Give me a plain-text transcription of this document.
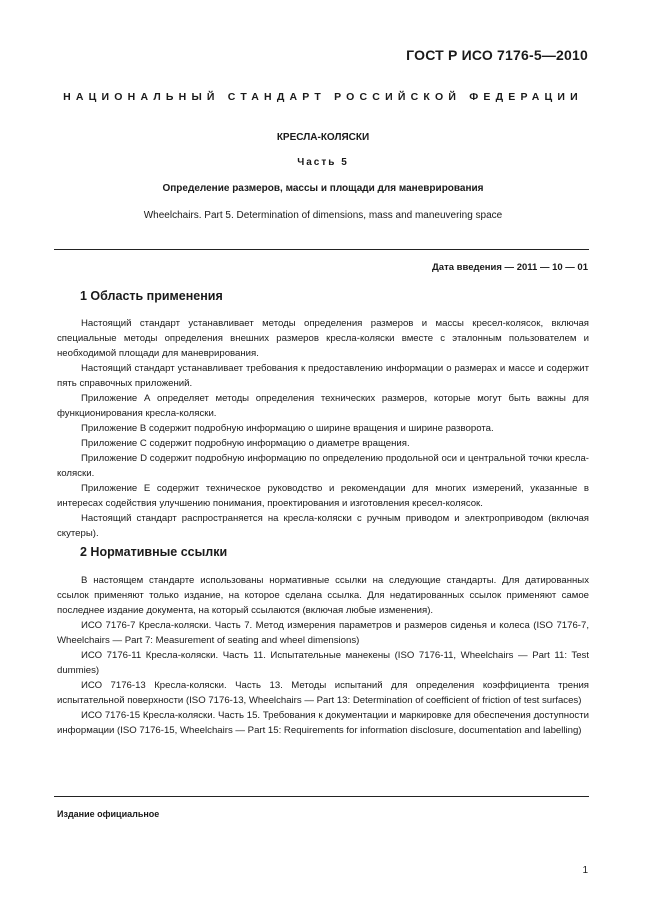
ГОСТ Р ИСО 7176-5—2010
НАЦИОНАЛЬНЫЙ СТАНДАРТ РОССИЙСКОЙ ФЕДЕРАЦИИ
КРЕСЛА-КОЛЯСКИ
Часть 5
Определение размеров, массы и площади для маневрирования
Wheelchairs. Part 5. Determination of dimensions, mass and maneuvering space
Дата введения — 2011 — 10 — 01
1 Область применения

Настоящий стандарт устанавливает методы определения размеров и массы кресел-колясок, включая специальные методы определения внешних размеров кресла-коляски вместе с эталонным пользователем и необходимой площади для маневрирования.

Настоящий стандарт устанавливает требования к предоставлению информации о размерах и массе и содержит пять справочных приложений.

Приложение А определяет методы определения технических размеров, которые могут быть важны для функционирования кресла-коляски.

Приложение В содержит подробную информацию о ширине вращения и ширине разворота.

Приложение С содержит подробную информацию о диаметре вращения.

Приложение D содержит подробную информацию по определению продольной оси и центральной точки кресла-коляски.

Приложение Е содержит техническое руководство и рекомендации для многих измерений, указанные в интересах содействия улучшению понимания, проектирования и изготовления кресел-колясок.

Настоящий стандарт распространяется на кресла-коляски с ручным приводом и электроприводом (включая скутеры).

2 Нормативные ссылки

В настоящем стандарте использованы нормативные ссылки на следующие стандарты. Для датированных ссылок применяют только издание, на которое сделана ссылка. Для недатированных ссылок применяют самое последнее издание документа, на который ссылаются (включая любые изменения).

ИСО 7176-7 Кресла-коляски. Часть 7. Метод измерения параметров и размеров сиденья и колеса (ISO 7176-7, Wheelchairs — Part 7: Measurement of seating and wheel dimensions)

ИСО 7176-11 Кресла-коляски. Часть 11. Испытательные манекены (ISO 7176-11, Wheelchairs — Part 11: Test dummies)

ИСО 7176-13 Кресла-коляски. Часть 13. Методы испытаний для определения коэффициента трения испытательной поверхности (ISO 7176-13, Wheelchairs — Part 13: Determination of coefficient of friction of test surfaces)

ИСО 7176-15 Кресла-коляски. Часть 15. Требования к документации и маркировке для обеспечения доступности информации (ISO 7176-15, Wheelchairs — Part 15: Requirements for information disclosure, documentation and labelling)

Издание официальное
1
